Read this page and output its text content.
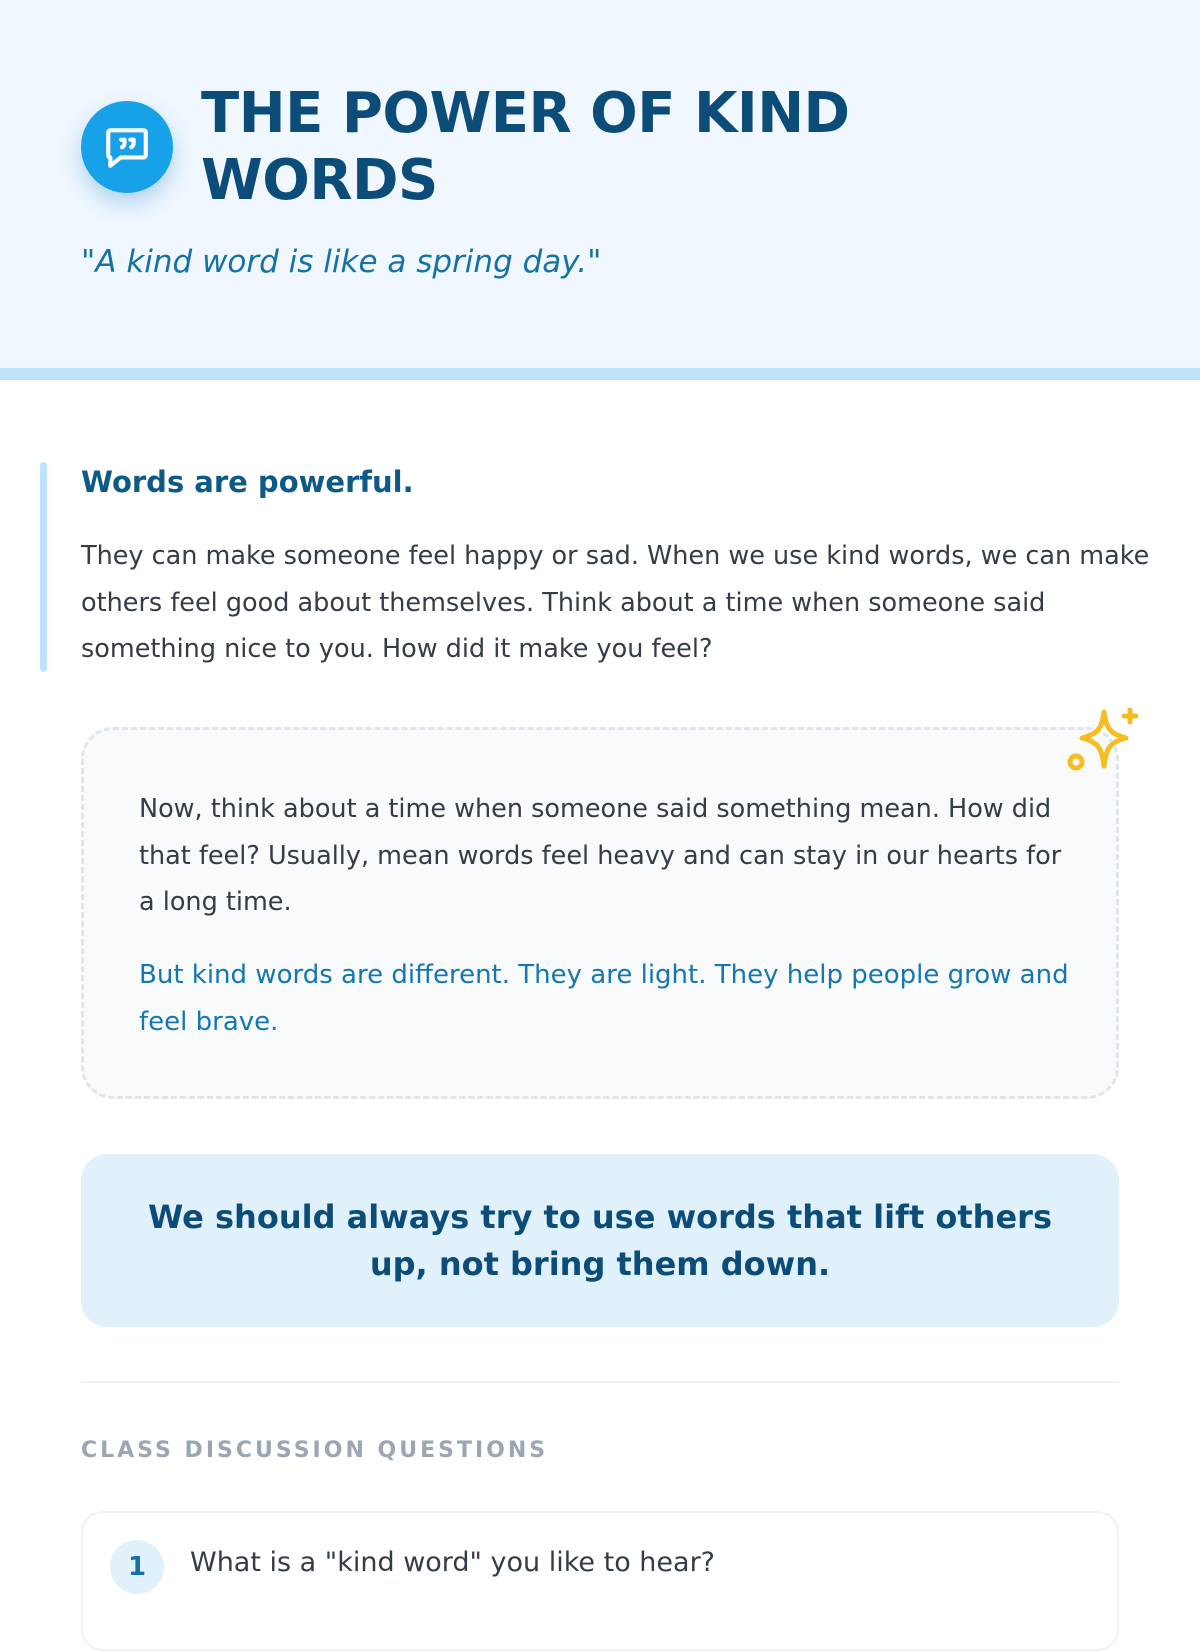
THE POWER OF KIND WORDS

"A kind word is like a spring day."

Words are powerful.

They can make someone feel happy or sad. When we use kind words, we can make others feel good about themselves. Think about a time when someone said something nice to you. How did it make you feel?

Now, think about a time when someone said something mean. How did that feel? Usually, mean words feel heavy and can stay in our hearts for a long time.

But kind words are different. They are light. They help people grow and feel brave.

We should always try to use words that lift others up, not bring them down.

CLASS DISCUSSION QUESTIONS
1	What is a "kind word" you like to hear?
